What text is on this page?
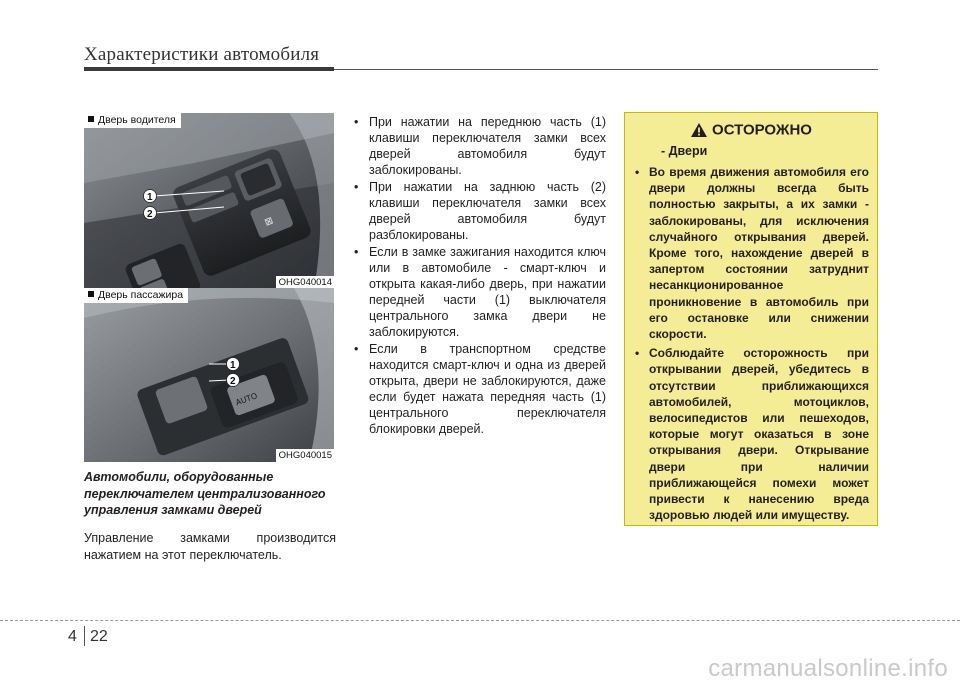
Характеристики автомобиля
⊠
1
2
Дверь водителя
OHG040014
AUTO
1
2
Дверь пассажира
OHG040015
Автомобили, оборудованные переключателем централизованного управления замками дверей
Управление замками производится нажатием на этот переключатель.
• При нажатии на переднюю часть (1) клавиши переключателя замки всех дверей автомобиля будут заблокированы.
• При нажатии на заднюю часть (2) клавиши переключателя замки всех дверей автомобиля будут разблокированы.
• Если в замке зажигания находится ключ или в автомобиле - смарт-ключ и открыта какая-либо дверь, при нажатии передней части (1) выключателя центрального замка двери не заблокируются.
• Если в транспортном средстве находится смарт-ключ и одна из дверей открыта, двери не заблокируются, даже если будет нажата передняя часть (1) центрального переключателя блокировки дверей.
ОСТОРОЖНО
- Двери
• Во время движения автомобиля его двери должны всегда быть полностью закрыты, а их замки - заблокированы, для исключения случайного открывания дверей. Кроме того, нахождение дверей в запертом состоянии затруднит несанкционированное проникновение в автомобиль при его остановке или снижении скорости.
• Соблюдайте осторожность при открывании дверей, убедитесь в отсутствии приближающихся автомобилей, мотоциклов, велосипедистов или пешеходов, которые могут оказаться в зоне открывания двери. Открывание двери при наличии приближающейся помехи может привести к нанесению вреда здоровью людей или имуществу.
4 22
carmanualsonline.info
